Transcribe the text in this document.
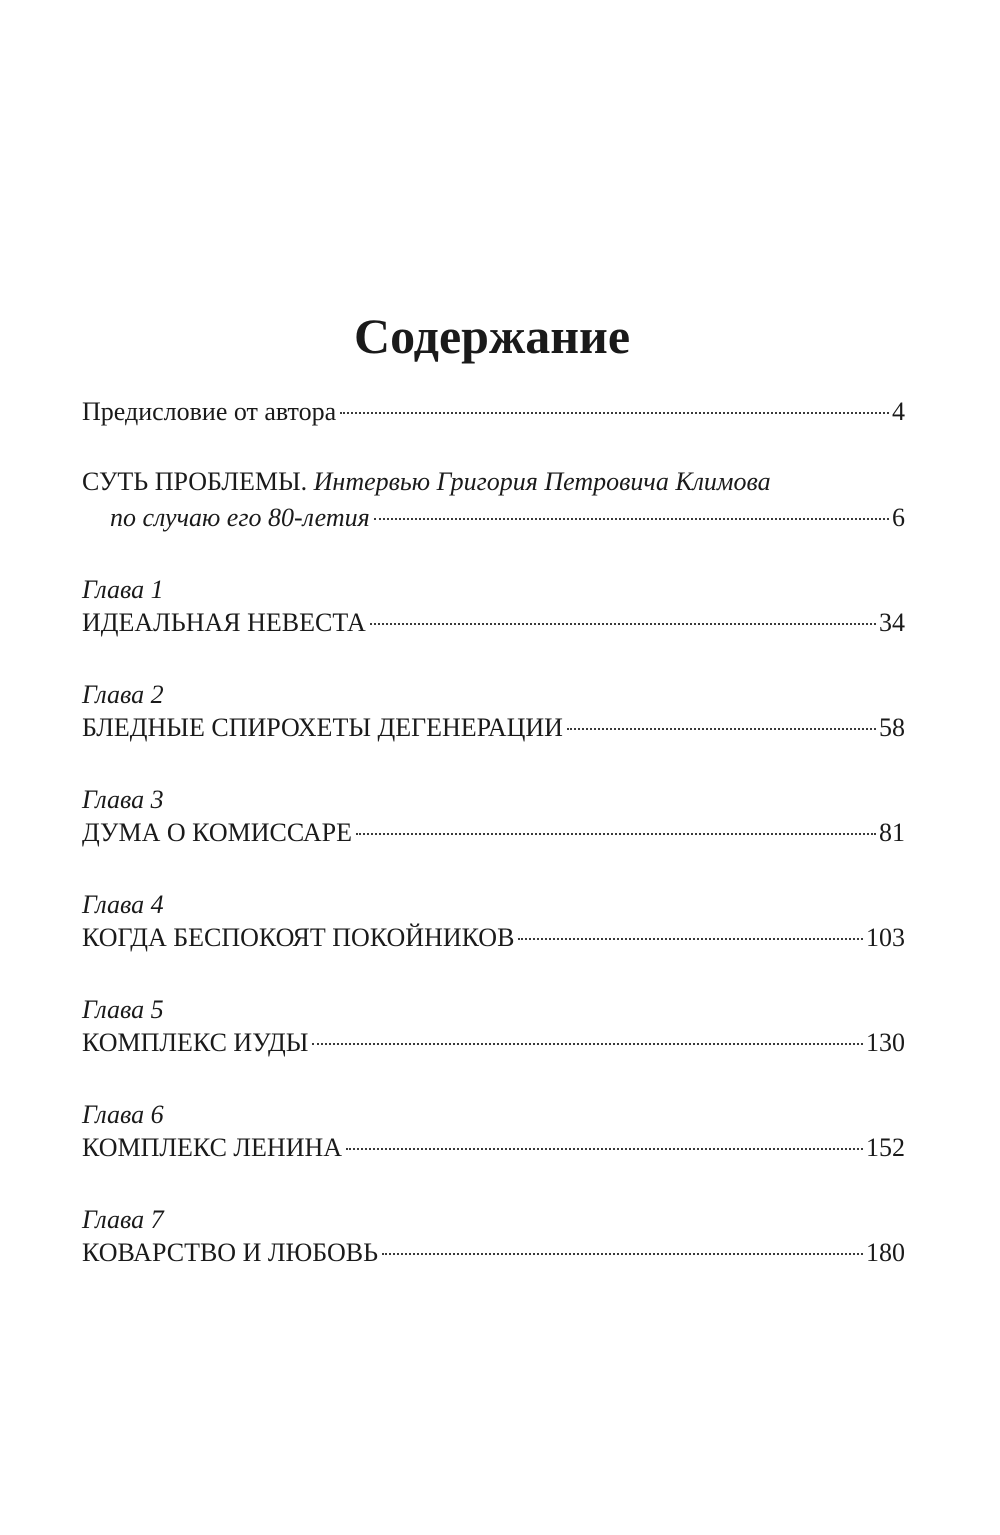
Содержание
Предисловие от автора	4
СУТЬ ПРОБЛЕМЫ. Интервью Григория Петровича Климова
по случаю его 80-летия	6
Глава 1
ИДЕАЛЬНАЯ НЕВЕСТА	34
Глава 2
БЛЕДНЫЕ СПИРОХЕТЫ ДЕГЕНЕРАЦИИ	58
Глава 3
ДУМА О КОМИССАРЕ	81
Глава 4
КОГДА БЕСПОКОЯТ ПОКОЙНИКОВ	103
Глава 5
КОМПЛЕКС ИУДЫ	130
Глава 6
КОМПЛЕКС ЛЕНИНА	152
Глава 7
КОВАРСТВО И ЛЮБОВЬ	180
